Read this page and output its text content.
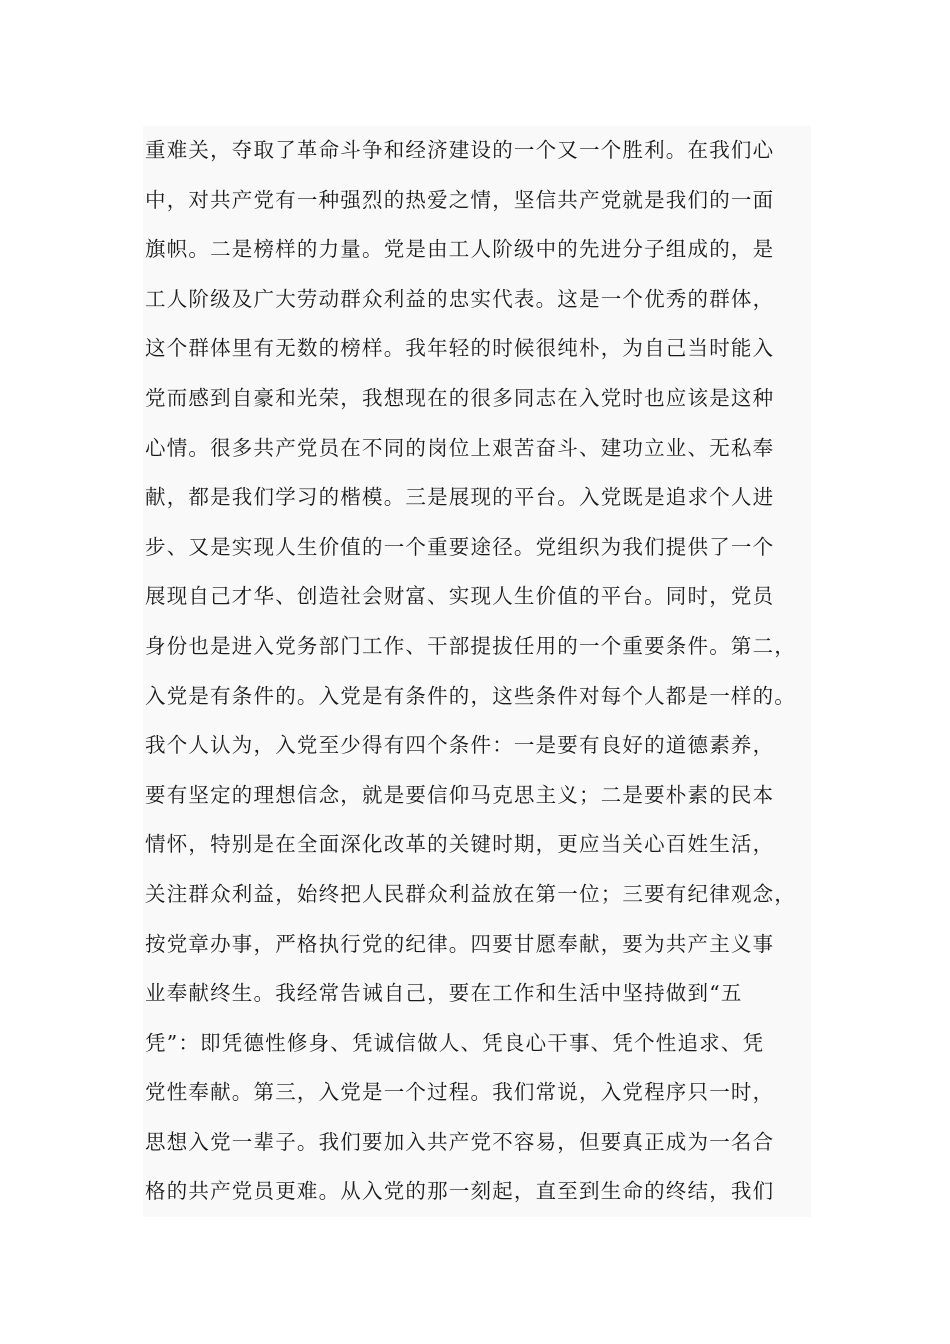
重难关，夺取了革命斗争和经济建设的一个又一个胜利。在我们心
中，对共产党有一种强烈的热爱之情，坚信共产党就是我们的一面
旗帜。二是榜样的力量。党是由工人阶级中的先进分子组成的，是
工人阶级及广大劳动群众利益的忠实代表。这是一个优秀的群体，
这个群体里有无数的榜样。我年轻的时候很纯朴，为自己当时能入
党而感到自豪和光荣，我想现在的很多同志在入党时也应该是这种
心情。很多共产党员在不同的岗位上艰苦奋斗、建功立业、无私奉
献，都是我们学习的楷模。三是展现的平台。入党既是追求个人进
步、又是实现人生价值的一个重要途径。党组织为我们提供了一个
展现自己才华、创造社会财富、实现人生价值的平台。同时，党员
身份也是进入党务部门工作、干部提拔任用的一个重要条件。第二，
入党是有条件的。入党是有条件的，这些条件对每个人都是一样的。
我个人认为，入党至少得有四个条件：一是要有良好的道德素养，
要有坚定的理想信念，就是要信仰马克思主义；二是要朴素的民本
情怀，特别是在全面深化改革的关键时期，更应当关心百姓生活，
关注群众利益，始终把人民群众利益放在第一位；三要有纪律观念，
按党章办事，严格执行党的纪律。四要甘愿奉献，要为共产主义事
业奉献终生。我经常告诫自己，要在工作和生活中坚持做到“五
凭”：即凭德性修身、凭诚信做人、凭良心干事、凭个性追求、凭
党性奉献。第三，入党是一个过程。我们常说，入党程序只一时，
思想入党一辈子。我们要加入共产党不容易，但要真正成为一名合
格的共产党员更难。从入党的那一刻起，直至到生命的终结，我们
